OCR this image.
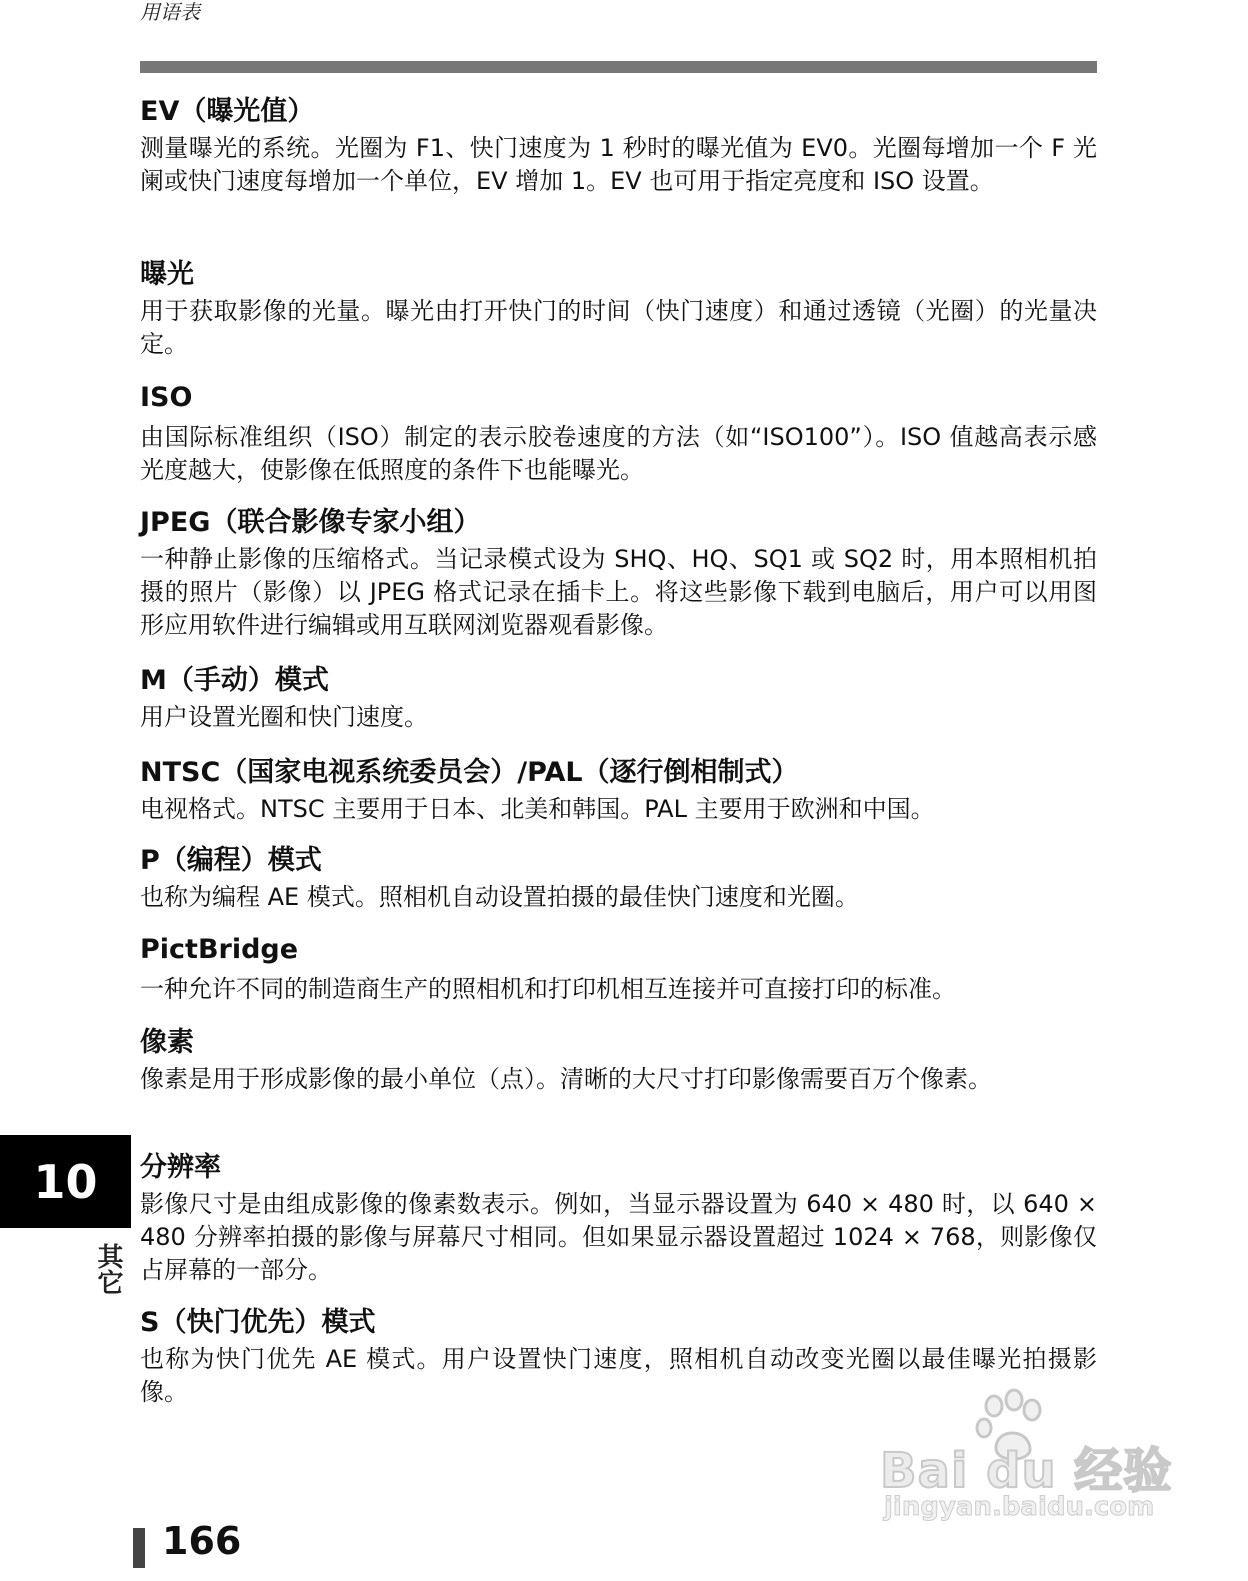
用语表
EV（曝光值）
测量曝光的系统。光圈为 F1、快门速度为 1 秒时的曝光值为 EV0。光圈每增加一个 F 光阑或快门速度每增加一个单位，EV 增加 1。EV 也可用于指定亮度和 ISO 设置。
曝光
用于获取影像的光量。曝光由打开快门的时间（快门速度）和通过透镜（光圈）的光量决定。
ISO
由国际标准组织（ISO）制定的表示胶卷速度的方法（如“ISO100”）。ISO 值越高表示感光度越大，使影像在低照度的条件下也能曝光。
JPEG（联合影像专家小组）
一种静止影像的压缩格式。当记录模式设为 SHQ、HQ、SQ1 或 SQ2 时，用本照相机拍摄的照片（影像）以 JPEG 格式记录在插卡上。将这些影像下载到电脑后，用户可以用图形应用软件进行编辑或用互联网浏览器观看影像。
M（手动）模式
用户设置光圈和快门速度。
NTSC（国家电视系统委员会）/PAL（逐行倒相制式）
电视格式。NTSC 主要用于日本、北美和韩国。PAL 主要用于欧洲和中国。
P（编程）模式
也称为编程 AE 模式。照相机自动设置拍摄的最佳快门速度和光圈。
PictBridge
一种允许不同的制造商生产的照相机和打印机相互连接并可直接打印的标准。
像素
像素是用于形成影像的最小单位（点）。清晰的大尺寸打印影像需要百万个像素。
分辨率
影像尺寸是由组成影像的像素数表示。例如，当显示器设置为 640 × 480 时，以 640 × 480 分辨率拍摄的影像与屏幕尺寸相同。但如果显示器设置超过 1024 × 768，则影像仅占屏幕的一部分。
S（快门优先）模式
也称为快门优先 AE 模式。用户设置快门速度，照相机自动改变光圈以最佳曝光拍摄影像。
10
其它
166
Bai du 经验
jingyan.baidu.com
